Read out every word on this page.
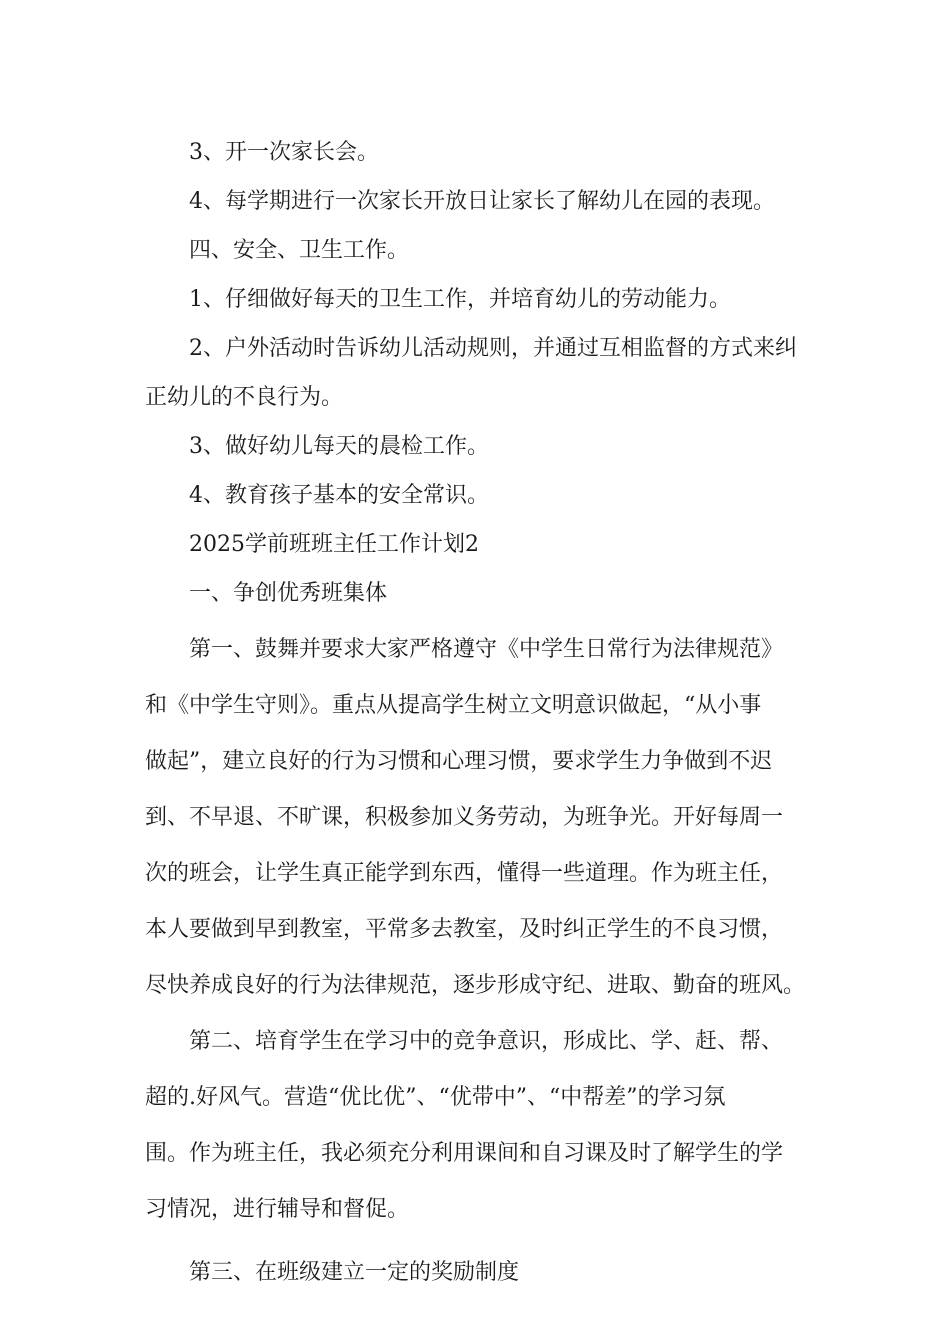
3、开一次家长会。
4、每学期进行一次家长开放日让家长了解幼儿在园的表现。
四、安全、卫生工作。
1、仔细做好每天的卫生工作，并培育幼儿的劳动能力。
2、户外活动时告诉幼儿活动规则，并通过互相监督的方式来纠
正幼儿的不良行为。
3、做好幼儿每天的晨检工作。
4、教育孩子基本的安全常识。
2025学前班班主任工作计划2
一、争创优秀班集体
第一、鼓舞并要求大家严格遵守《中学生日常行为法律规范》
和《中学生守则》。重点从提高学生树立文明意识做起，“从小事
做起”，建立良好的行为习惯和心理习惯，要求学生力争做到不迟
到、不早退、不旷课，积极参加义务劳动，为班争光。开好每周一
次的班会，让学生真正能学到东西，懂得一些道理。作为班主任，
本人要做到早到教室，平常多去教室，及时纠正学生的不良习惯，
尽快养成良好的行为法律规范，逐步形成守纪、进取、勤奋的班风。
第二、培育学生在学习中的竞争意识，形成比、学、赶、帮、
超的.好风气。营造“优比优”、“优带中”、“中帮差”的学习氛
围。作为班主任，我必须充分利用课间和自习课及时了解学生的学
习情况，进行辅导和督促。
第三、在班级建立一定的奖励制度
